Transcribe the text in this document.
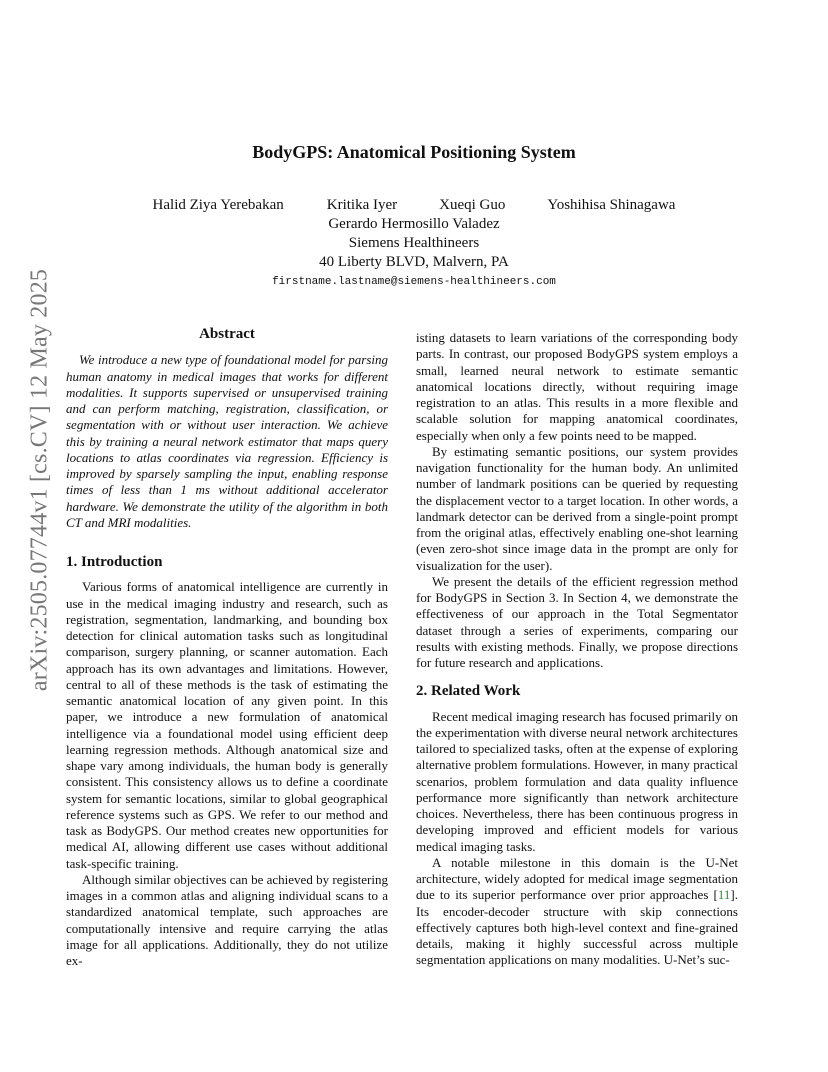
BodyGPS: Anatomical Positioning System
Halid Ziya Yerebakan	Kritika Iyer	Xueqi Guo	Yoshihisa Shinagawa
Gerardo Hermosillo Valadez
Siemens Healthineers
40 Liberty BLVD, Malvern, PA
firstname.lastname@siemens-healthineers.com
arXiv:2505.07744v1 [cs.CV] 12 May 2025	Abstract

We introduce a new type of foundational model for parsing human anatomy in medical images that works for different modalities. It supports supervised or unsupervised training and can perform matching, registration, classification, or segmentation with or without user interaction. We achieve this by training a neural network estimator that maps query locations to atlas coordinates via regression. Efficiency is improved by sparsely sampling the input, enabling response times of less than 1 ms without additional accelerator hardware. We demonstrate the utility of the algorithm in both CT and MRI modalities.

1. Introduction

Various forms of anatomical intelligence are currently in use in the medical imaging industry and research, such as registration, segmentation, landmarking, and bounding box detection for clinical automation tasks such as longitudinal comparison, surgery planning, or scanner automation. Each approach has its own advantages and limitations. However, central to all of these methods is the task of estimating the semantic anatomical location of any given point. In this paper, we introduce a new formulation of anatomical intelligence via a foundational model using efficient deep learning regression methods. Although anatomical size and shape vary among individuals, the human body is generally consistent. This consistency allows us to define a coordinate system for semantic locations, similar to global geographical reference systems such as GPS. We refer to our method and task as BodyGPS. Our method creates new opportunities for medical AI, allowing different use cases without additional task-specific training.

Although similar objectives can be achieved by registering images in a common atlas and aligning individual scans to a standardized anatomical template, such approaches are computationally intensive and require carrying the atlas image for all applications. Additionally, they do not utilize ex-

isting datasets to learn variations of the corresponding body parts. In contrast, our proposed BodyGPS system employs a small, learned neural network to estimate semantic anatomical locations directly, without requiring image registration to an atlas. This results in a more flexible and scalable solution for mapping anatomical coordinates, especially when only a few points need to be mapped.

By estimating semantic positions, our system provides navigation functionality for the human body. An unlimited number of landmark positions can be queried by requesting the displacement vector to a target location. In other words, a landmark detector can be derived from a single-point prompt from the original atlas, effectively enabling one-shot learning (even zero-shot since image data in the prompt are only for visualization for the user).

We present the details of the efficient regression method for BodyGPS in Section 3. In Section 4, we demonstrate the effectiveness of our approach in the Total Segmentator dataset through a series of experiments, comparing our results with existing methods. Finally, we propose directions for future research and applications.

2. Related Work

Recent medical imaging research has focused primarily on the experimentation with diverse neural network architectures tailored to specialized tasks, often at the expense of exploring alternative problem formulations. However, in many practical scenarios, problem formulation and data quality influence performance more significantly than network architecture choices. Nevertheless, there has been continuous progress in developing improved and efficient models for various medical imaging tasks.

A notable milestone in this domain is the U-Net architecture, widely adopted for medical image segmentation due to its superior performance over prior approaches [11]. Its encoder-decoder structure with skip connections effectively captures both high-level context and fine-grained details, making it highly successful across multiple segmentation applications on many modalities. U-Net’s suc-
